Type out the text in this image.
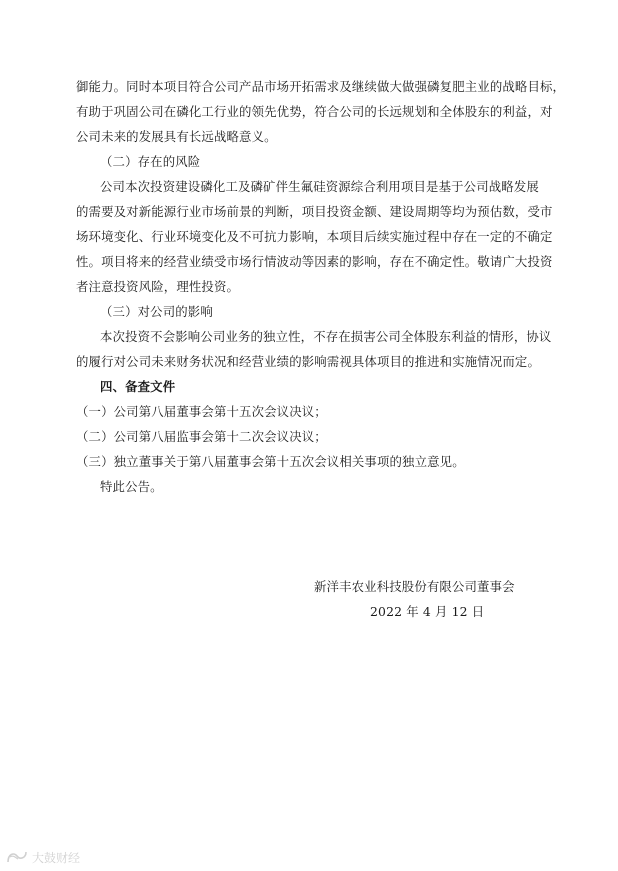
御能力。同时本项目符合公司产品市场开拓需求及继续做大做强磷复肥主业的战略目标，
有助于巩固公司在磷化工行业的领先优势，符合公司的长远规划和全体股东的利益，对
公司未来的发展具有长远战略意义。
（二）存在的风险
公司本次投资建设磷化工及磷矿伴生氟硅资源综合利用项目是基于公司战略发展
的需要及对新能源行业市场前景的判断，项目投资金额、建设周期等均为预估数，受市
场环境变化、行业环境变化及不可抗力影响，本项目后续实施过程中存在一定的不确定
性。项目将来的经营业绩受市场行情波动等因素的影响，存在不确定性。敬请广大投资
者注意投资风险，理性投资。
（三）对公司的影响
本次投资不会影响公司业务的独立性，不存在损害公司全体股东利益的情形，协议
的履行对公司未来财务状况和经营业绩的影响需视具体项目的推进和实施情况而定。
四、备查文件
（一）公司第八届董事会第十五次会议决议；
（二）公司第八届监事会第十二次会议决议；
（三）独立董事关于第八届董事会第十五次会议相关事项的独立意见。
特此公告。
新洋丰农业科技股份有限公司董事会
2022 年 4 月 12 日
大鼓财经
